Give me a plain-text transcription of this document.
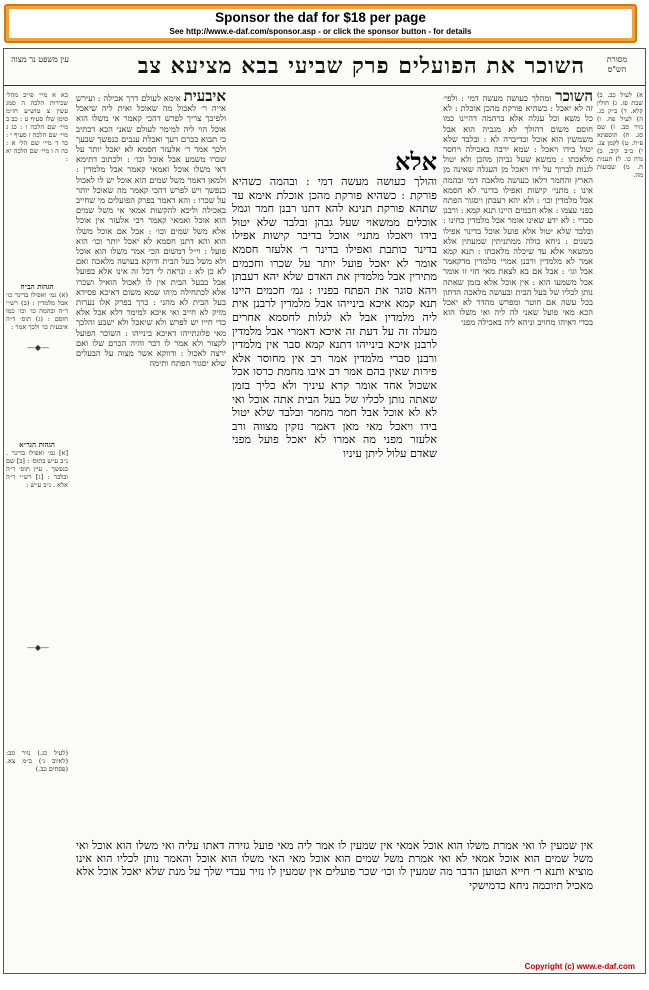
Sponsor the daf for $18 per page
See http://www.e-daf.com/sponsor.asp - or click the sponsor button - for details
מסורת הש"ס
השוכר את הפועלים פרק שביעי בבא מציעא צב
עין משפט נר מצוה
א) לעיל כב. ב) שבת פז. ג) חולין קלא. ד) ב״ק כג. ה) לעיל פח. ו) נזיר סב. ז) שם סג. ח) תוספתא פ״ח. ט) לקמן צג. י) ב״ב קיב. כ) נדה כו. ל) תענית ח. מ) שבועות מה.
השוכר ומהלך כעושה מעשה דמי : ולפי׳ זה לא יאכל : כשהיא פורקת מהכן אוכלת : לא כל משא וכל עגלה אלא ברהמה דהיינו כמו חוסם משום דהולך לא מגביה הוא אבל משמשין הוא אוכל ובדיברה לא : ובלבד שלא יטול בידו ויאכל : שמא ירבה באכילה ויחסר מלאכתו : ממשא שעל גביהן מהכן ולא יטול לגנות לכרוך על ידו ויאכל מן העגלה שאינה מן הארץ והחמר דלאו כעושה מלאכה דמי ובהמה אינו : מתני׳ קישות ואפילו בדינר לא חסמא אבל מלמדין וכו׳ : ולא יהא רעבתן ויסגור הפתח בפני עצמו : אלא חכמים היינו תנא קמא : ורבנן סברי : לא ידע שאינו אומר אבל מלמדין כחינו : ובלבד שלא יטול אלא פועל אוכל בדינר אפילו בשנים : ניחא כולה ממתניתין שמעתין אלא ממשאוי אלא עד שיכלה מלאכתו : תנא קמא אמר לא מלמדין ורבנן אמרי מלמדין מדקאמר אבל וגו׳ : אבל אם בא לצאת מאי חזי זו אומר אבל משמעו הוא : אין אוכל אלא בזמן שאתה נותן לכליו של בעל הבית ובעושה מלאכה הדתון בכל עשה אם חוטר ומפרש מהדר לא יאכל הכא מאי פועל שאני לה ליה ואי משלו הוא בכדי דאיהו מחויב וניחא ליה באכילה מפני
אלא
והולך כעושה מעשה דמי : ובהמה כשהיא פורקת : כשהיא פורקת מהכן אוכלת אימא עד שתהא פורקת תנינא להא דתנו רבנן חמר וגמל אוכלים ממשאוי שעל גבהן ובלבד שלא יטול בידו ויאכלו מתני׳ אוכל בדיבר קישות אפילו בדינר כותבת ואפילו בדינר ר׳ אלעזר חסמא אומר לא יאכל פועל יותר על שכרו וחכמים מתירין אבל מלמדין את האדם שלא יהא רעבתן ויהא סוגר את הפתח בפניו : גמ׳ חכמים היינו תנא קמא איכא בינייהו אבל מלמדין לרבנן אית ליה מלמדין אבל לא לגלות לחסמא אחרים מעלה זה על דעת זה איכא דאמרי אבל מלמדין לרבנן איכא בינייהו דתנא קמא סבר אין מלמדין ורבנן סברי מלמדין אמר רב אין מחוסר אלא פירות שאין בהם אמר רב איבו מחמת כרסו אכל אשכול אחד אומר קרא עיניך ולא כליך בזמן שאתה נותן לכליו של בעל הבית אתה אוכל ואי לא לא אוכל אבל חמר מחמר ובלבד שלא יטול בידו ויאכל מאי מאן דאמר נזקין מצווה ורב אלעזר מפני מה אמרו לא יאכל פועל מפני שאדם עלול ליתן עיניו
איבעית אימא לעולם דרך אכילה : ועירש אייה ר׳ לאכול מה שאוכל ואית ליה שיאכל ולפיכך צריך לפרש דהכי קאמר אי משלו הוא אוכל הוי ליה למימר לעולם שאני הכא דכתיב כי תבוא בכרם רעך ואכלת ענבים כנפשך שבעך ולכך אמר ר׳ אלעזר חסמא לא יאכל יותר על שכרו משמע אבל אוכל וכו׳ : ולכתוב דתימא דאי משלו אוכל ואמאי קאמר אבל מלמדין : ולמאן דאמר משל שמים הוא אוכל יש לו לאכול כנפשך ויש לפרש דהכי קאמר מה שאוכל יותר על שכרו : והא דאמר בפרק הפועלים מי שחייב באכילה וליכא להקשות אמאי אי משל שמים הוא אוכל ואמאי קאמר רבי אלעזר אין אוכל אלא משל שמים וכו׳ : אבל אם אוכל משלו הוא והא דתנן חסמא לא יאכל יותר וכו׳ הוא פועל : וי״ל דמשום הכי אמר משלו הוא אוכל ולא משל בעל הבית ודוקא בעושה מלאכה ואם לא כן לא : ונראה לי דכל זה אינו אלא בפועל אבל בבעל הבית אין לו לאכול הואיל ושכרו אלא לכתחילה מיהו שמא משום דאיכא פסידא בעל הבית לא מהני : כרך בפרק אלו נערות מזיק לא חייב ואי איכא למימר דלא אכל אלא כדי חייו יש לפרש ולא שיאכל ולא ישבע והלכך מאי פלוגתייהו דאיכא בינייהו : השוכר הפועל לקצור ולא אמר לו דבר והיה הכרם שלו ואם ירצה לאכול : ודווקא אשר מצוה על הבעלים שלא יסגור הפתח ותימה
כא א מיי׳ פי״ב מהל׳ שכירות הלכה ה סמג עשין צ טוש״ע חו״מ סימן שלז סעיף ט : כב ב מיי׳ שם הלכה ו : כג ג מיי׳ שם הלכה ז סעיף י : כד ד מיי׳ שם הל׳ א : כה ה ו מיי׳ שם הלכה יא :
הגהות הב״ח
(א) גמ׳ ואפילו בדינר כו׳ אבל מלמדין : (ב) רש״י ד״ה ובהמה כו׳ וכו׳ כמו חוסם : (ג) תוס׳ ד״ה איבעית כו׳ ולכך אמר :
הגהות הגר״א
[א] גמ׳ ואפילו בדינר . נ״ב ע״ש בתוס׳ : [ב] שם כנפשך . עיין תוס׳ ד״ה ובלבד : [ג] רש״י ד״ה אלא . נ״ב ע״ש :
(לעיל כג.) נזיר סב: (לאיוב ג׳) ב״מ צא. (פסחים כב.)
—◆—
—◆—
אין שמעין לו ואי אמרת משלו הוא אוכל אמאי אין שמעין לו אמר ליה מאי פועל גזירה דאתו עליה ואי משלו הוא אוכל ואי משל שמים הוא אוכל אמאי לא ואי אמרת משל שמים הוא אוכל מאי האי משלו הוא אוכל והאמר נותן לכליו הוא אינו מוציא ותנא ר׳ חייא הטוען הדבר מה שמעין לו וכו׳ שכר פועלים אין שמעין לו נזיר עבדי שלך על מנת שלא יאכל אוכל אלא מאכיל תיוכמה ניחא כדמישקי
Copyright (c) www.e-daf.com
